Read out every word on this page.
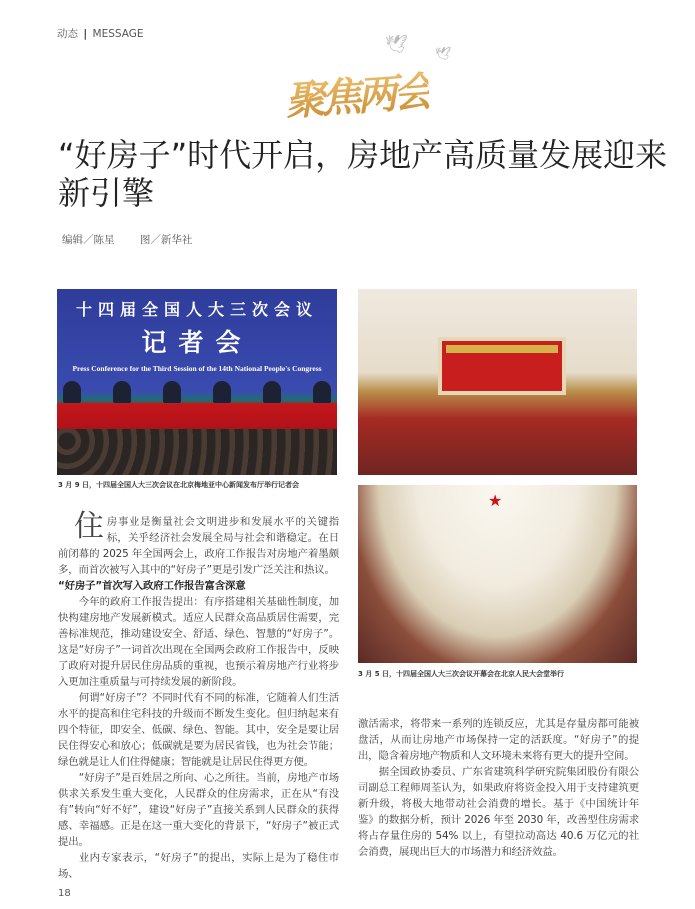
动态 | MESSAGE	🕊 🕊
聚焦两会
“好房子”时代开启，房地产高质量发展迎来新引擎
编辑／陈星 图／新华社
十四届全国人大三次会议
记者会
Press Conference for the Third Session of the 14th National People's Congress
3 月 9 日，十四届全国人大三次会议在北京梅地亚中心新闻发布厅举行记者会
★
3 月 5 日，十四届全国人大三次会议开幕会在北京人民大会堂举行

住房事业是衡量社会文明进步和发展水平的关键指标，关乎经济社会发展全局与社会和谐稳定。在日前闭幕的 2025 年全国两会上，政府工作报告对房地产着墨颇多，而首次被写入其中的“好房子”更是引发广泛关注和热议。

“好房子”首次写入政府工作报告富含深意

今年的政府工作报告提出：有序搭建相关基础性制度，加快构建房地产发展新模式。适应人民群众高品质居住需要，完善标准规范，推动建设安全、舒适、绿色、智慧的“好房子”。这是“好房子”一词首次出现在全国两会政府工作报告中，反映了政府对提升居民住房品质的重视，也预示着房地产行业将步入更加注重质量与可持续发展的新阶段。

何谓“好房子”？不同时代有不同的标准，它随着人们生活水平的提高和住宅科技的升级而不断发生变化。但归纳起来有四个特征，即安全、低碳、绿色、智能。其中，安全是要让居民住得安心和放心；低碳就是要为居民省钱，也为社会节能；绿色就是让人们住得健康；智能就是让居民住得更方便。

“好房子”是百姓居之所向、心之所往。当前，房地产市场供求关系发生重大变化，人民群众的住房需求，正在从“有没有”转向“好不好”，建设“好房子”直接关系到人民群众的获得感、幸福感。正是在这一重大变化的背景下，“好房子”被正式提出。

业内专家表示，“好房子”的提出，实际上是为了稳住市场、

激活需求，将带来一系列的连锁反应，尤其是存量房都可能被盘活，从而让房地产市场保持一定的活跃度。“好房子”的提出，隐含着房地产物质和人文环境未来将有更大的提升空间。

据全国政协委员、广东省建筑科学研究院集团股份有限公司副总工程师周荃认为，如果政府将资金投入用于支持建筑更新升级，将极大地带动社会消费的增长。基于《中国统计年鉴》的数据分析，预计 2026 年至 2030 年，改善型住房需求将占存量住房的 54% 以上，有望拉动高达 40.6 万亿元的社会消费，展现出巨大的市场潜力和经济效益。

18
